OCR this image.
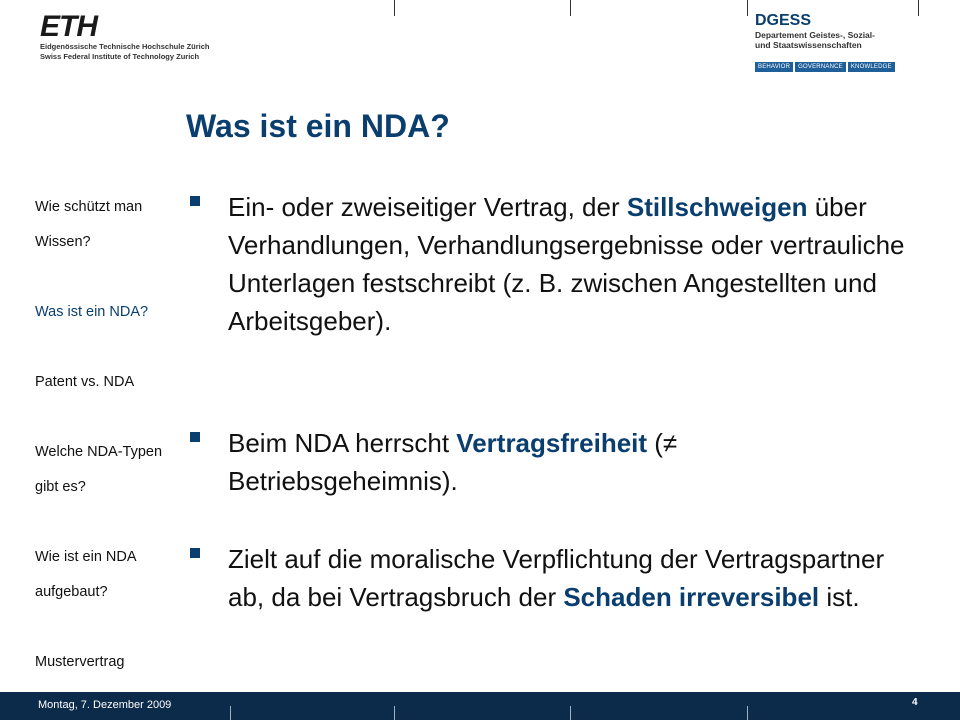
ETH
Eidgenössische Technische Hochschule Zürich
Swiss Federal Institute of Technology Zurich
DGESS
Departement Geistes-, Sozial-
und Staatswissenschaften
BEHAVIOR	GOVERNANCE	KNOWLEDGE
Was ist ein NDA?
Wie schützt man Wissen?
Was ist ein NDA?
Patent vs. NDA
Welche NDA-Typen gibt es?
Wie ist ein NDA aufgebaut?
Mustervertrag

Ein- oder zweiseitiger Vertrag, der Stillschweigen über Verhandlungen, Verhandlungsergebnisse oder vertrauliche Unterlagen festschreibt (z. B. zwischen Angestellten und Arbeitsgeber).

Beim NDA herrscht Vertragsfreiheit (≠ Betriebsgeheimnis).

Zielt auf die moralische Verpflichtung der Vertragspartner ab, da bei Vertragsbruch der Schaden irreversibel ist.

Montag, 7. Dezember 2009	4
